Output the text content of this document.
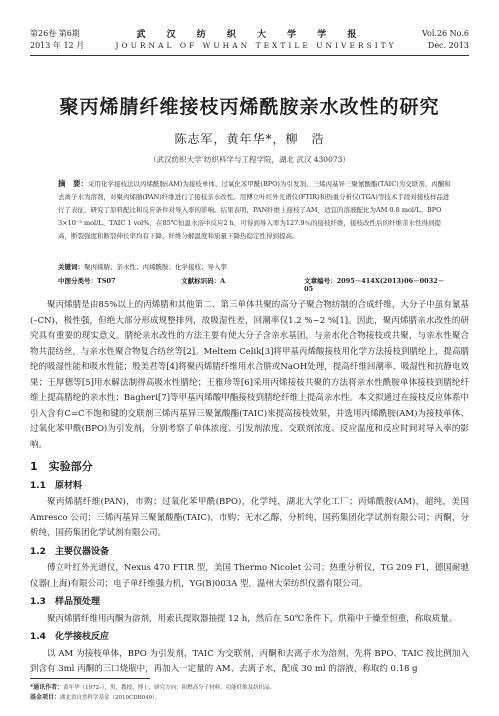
第26卷 第6期	武 汉 纺 织 大 学 学 报	Vol.26 No.6
2013 年 12 月	JOURNAL OF WUHAN TEXTILE UNIVERSITY	Dec. 2013
聚丙烯腈纤维接枝丙烯酰胺亲水改性的研究
陈志军，黄年华*，柳　浩
（武汉纺织大学 纺织科学与工程学院，湖北 武汉 430073）
摘　要：采用化学接枝法以丙烯酰胺(AM)为接枝单体、过氧化苯甲酰(BPO)为引发剂、三烯丙基异三聚氰酸酯(TAIC)为交联剂、丙酮和去离子水为溶剂，对聚丙烯腈(PAN)纤维进行了接枝亲水改性。用傅立叶红外光谱仪(FTIR)和热重分析仪(TGA)等技术手段对接枝样品进行了表征，研究了原料配比和反应条件对导入率的影响。结果表明，PAN纤维上接枝了AM，适宜的溶液配比为AM 0.8 mol/L、BPO 3×10⁻³ mol/L、TAIC 1 vol%，在85℃恒温水浴中反应2 h，可得到导入率为127.9％的接枝纤维，接枝改性后的纤维亲水性得到提高，断裂强度和断裂伸长率均有下降，纤维分解温度和质量下降热稳定性得到提高。
关键词：聚丙烯腈；亲水性；丙烯酰胺；化学接枝；导入率
中图分类号：TS07	文献标识码：A	文章编号：2095－414X(2013)06－0032－05

聚丙烯腈是由85%以上的丙烯腈和其他第二、第三单体共聚的高分子聚合物纺制的合成纤维，大分子中虽有氰基(–CN)，极性强，但绝大部分形成规整排列，故吸湿性差，回潮率仅1.2 %~2 %[1]。因此，聚丙烯腈亲水改性的研究具有重要的现实意义。腈纶亲水改性的方法主要有使大分子含亲水基团，与亲水化合物接枝或共聚，与亲水性聚合物共混纺丝，与亲水性聚合物复合纺丝等[2]。Meltem Celik[3]将甲基丙烯酸接枝用化学方法接枝到腈纶上，提高腈纶的吸湿性能和吸水性能；殷美君等[4]将聚丙烯腈纤维用水合肼或NaOH处理，提高纤维回潮率、吸湿性和抗静电效果；王厚德等[5]用水解法制得高吸水性腈纶；王雅珍等[6]采用丙烯接枝共聚的方法将亲水性酰胺单体接枝到腈纶纤维上提高腈纶的亲水性；Bagheri[7]等甲基丙烯酸甲酯接枝到腈纶纤维上提高亲水性。本文拟通过在接枝反应体系中引入含有C=C不饱和键的交联剂三烯丙基异三聚氰酸酯(TAIC)来提高接枝效果，并选用丙烯酰胺(AM)为接枝单体、过氧化苯甲酰(BPO)为引发剂，分别考察了单体浓度、引发剂浓度、交联剂浓度、反应温度和反应时间对导入率的影响。

1　实验部分
1.1　原材料

聚丙烯腈纤维(PAN)，市购；过氧化苯甲酰(BPO)，化学纯，湖北大学化工厂；丙烯酰胺(AM)，超纯，美国 Amresco 公司；三烯丙基异三聚氰酸酯(TAIC)，市购；无水乙醇，分析纯，国药集团化学试剂有限公司；丙酮，分析纯，国药集团化学试剂有限公司。

1.2　主要仪器设备

傅立叶红外光谱仪，Nexus 470 FTIR 型，美国 Thermo Nicolet 公司；热重分析仪，TG 209 F1，德国耐驰仪器(上海)有限公司；电子单纤维强力机，YG(B)003A 型，温州大荣纺织仪器有限公司。

1.3　样品预处理

聚丙烯腈纤维用丙酮为溶剂，用索氏提取器抽提 12 h，然后在 50℃条件下，烘箱中干燥至恒重，称取质量。

1.4　化学接枝反应

以 AM 为接枝单体，BPO 为引发剂，TAIC 为交联剂，丙酮和去离子水为溶剂，先将 BPO、TAIC 按比例加入到含有 3ml 丙酮的三口烧瓶中，再加入一定量的 AM、去离子水，配成 30 ml 的溶液，称取约 0.18 g

*通讯作者：黄年华（1972–），男，教授，博士，研究方向：阻燃高分子材料、功能纤维及纺织品。
基金项目：湖北省自然科学基金（2010CDB049）。
